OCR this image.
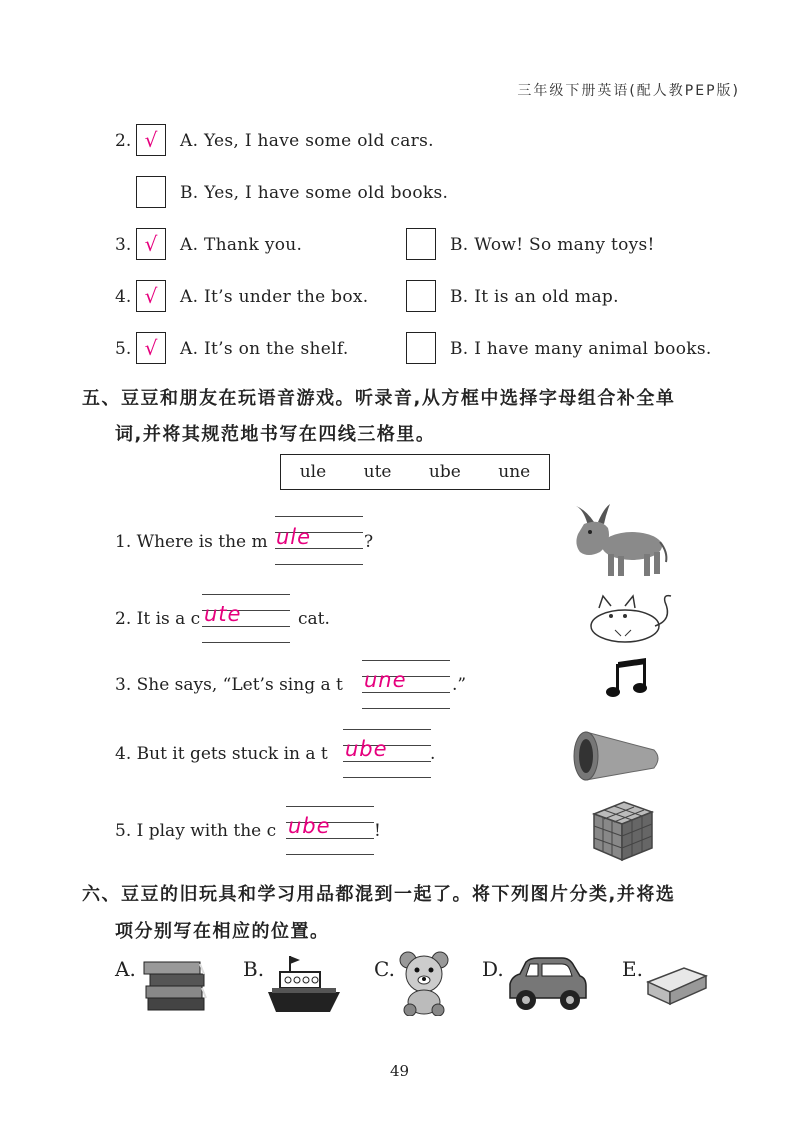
三年级下册英语(配人教PEP版)
2. √	A. Yes, I have some old cars.
B. Yes, I have some old books.
3. √	A. Thank you.	B. Wow! So many toys!
4. √	A. It’s under the box.	B. It is an old map.
5. √	A. It’s on the shelf.	B. I have many animal books.
五、豆豆和朋友在玩语音游戏。听录音,从方框中选择字母组合补全单
词,并将其规范地书写在四线三格里。
ule ute ube une
1. Where is the m ule	?
2. It is a c ute	cat.
3. She says, “Let’s sing a t une	.”
4. But it gets stuck in a t ube .
5. I play with the c ube	!
六、豆豆的旧玩具和学习用品都混到一起了。将下列图片分类,并将选
项分别写在相应的位置。
A.	B.	C.	D.	E.
49
